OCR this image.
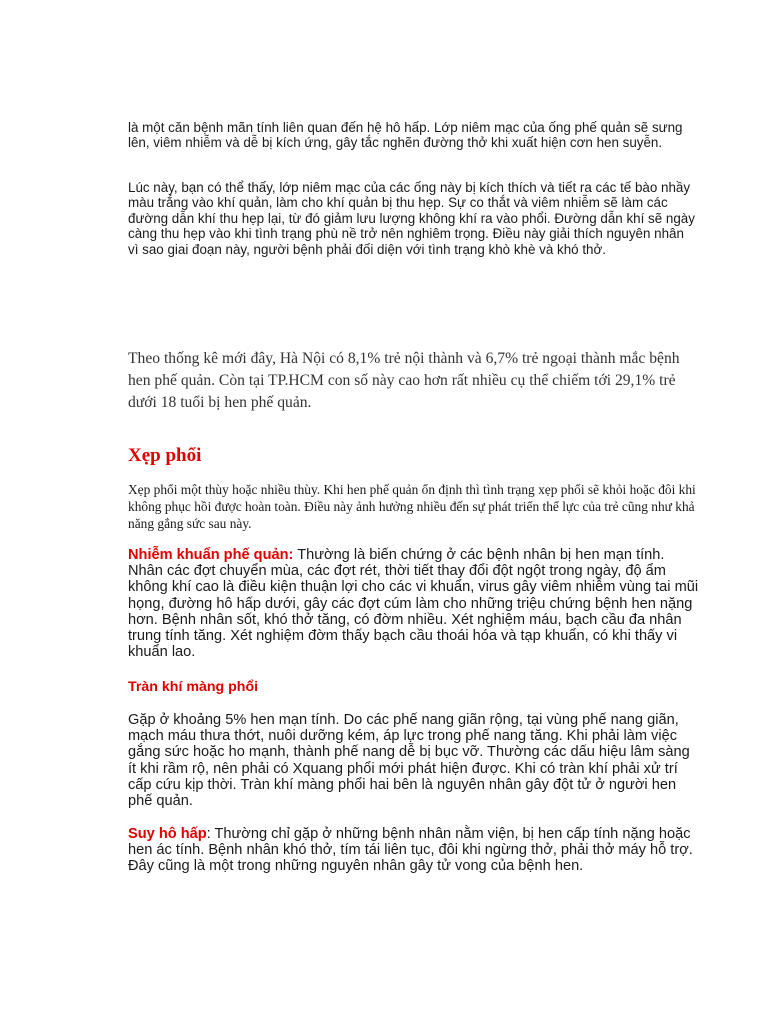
là một căn bệnh mãn tính liên quan đến hệ hô hấp. Lớp niêm mạc của ống phế quản sẽ sưng lên, viêm nhiễm và dễ bị kích ứng, gây tắc nghẽn đường thở khi xuất hiện cơn hen suyễn.

Lúc này, bạn có thể thấy, lớp niêm mạc của các ống này bị kích thích và tiết ra các tế bào nhầy màu trắng vào khí quản, làm cho khí quản bị thu hẹp. Sự co thắt và viêm nhiễm sẽ làm các đường dẫn khí thu hẹp lại, từ đó giảm lưu lượng không khí ra vào phổi. Đường dẫn khí sẽ ngày càng thu hẹp vào khi tình trạng phù nề trở nên nghiêm trọng. Điều này giải thích nguyên nhân vì sao giai đoạn này, người bệnh phải đối diện với tình trạng khò khè và khó thở.

Theo thống kê mới đây, Hà Nội có 8,1% trẻ nội thành và 6,7% trẻ ngoại thành mắc bệnh hen phế quản. Còn tại TP.HCM con số này cao hơn rất nhiều cụ thể chiếm tới 29,1% trẻ dưới 18 tuổi bị hen phế quản.

Xẹp phổi

Xẹp phổi một thùy hoặc nhiều thùy. Khi hen phế quản ổn định thì tình trạng xẹp phổi sẽ khỏi hoặc đôi khi không phục hồi được hoàn toàn. Điều này ảnh hưởng nhiều đến sự phát triển thể lực của trẻ cũng như khả năng gắng sức sau này.

Nhiễm khuẩn phế quản: Thường là biến chứng ở các bệnh nhân bị hen mạn tính. Nhân các đợt chuyển mùa, các đợt rét, thời tiết thay đổi đột ngột trong ngày, độ ẩm không khí cao là điều kiện thuận lợi cho các vi khuẩn, virus gây viêm nhiễm vùng tai mũi họng, đường hô hấp dưới, gây các đợt cúm làm cho những triệu chứng bệnh hen nặng hơn. Bệnh nhân sốt, khó thở tăng, có đờm nhiều. Xét nghiệm máu, bạch cầu đa nhân trung tính tăng. Xét nghiệm đờm thấy bạch cầu thoái hóa và tạp khuẩn, có khi thấy vi khuẩn lao.

Tràn khí màng phổi

Gặp ở khoảng 5% hen mạn tính. Do các phế nang giãn rộng, tại vùng phế nang giãn, mạch máu thưa thớt, nuôi dưỡng kém, áp lực trong phế nang tăng. Khi phải làm việc gắng sức hoặc ho mạnh, thành phế nang dễ bị bục vỡ. Thường các dấu hiệu lâm sàng ít khi rầm rộ, nên phải có Xquang phổi mới phát hiện được. Khi có tràn khí phải xử trí cấp cứu kịp thời. Tràn khí màng phổi hai bên là nguyên nhân gây đột tử ở người hen phế quản.

Suy hô hấp: Thường chỉ gặp ở những bệnh nhân nằm viện, bị hen cấp tính nặng hoặc hen ác tính. Bệnh nhân khó thở, tím tái liên tục, đôi khi ngừng thở, phải thở máy hỗ trợ. Đây cũng là một trong những nguyên nhân gây tử vong của bệnh hen.
